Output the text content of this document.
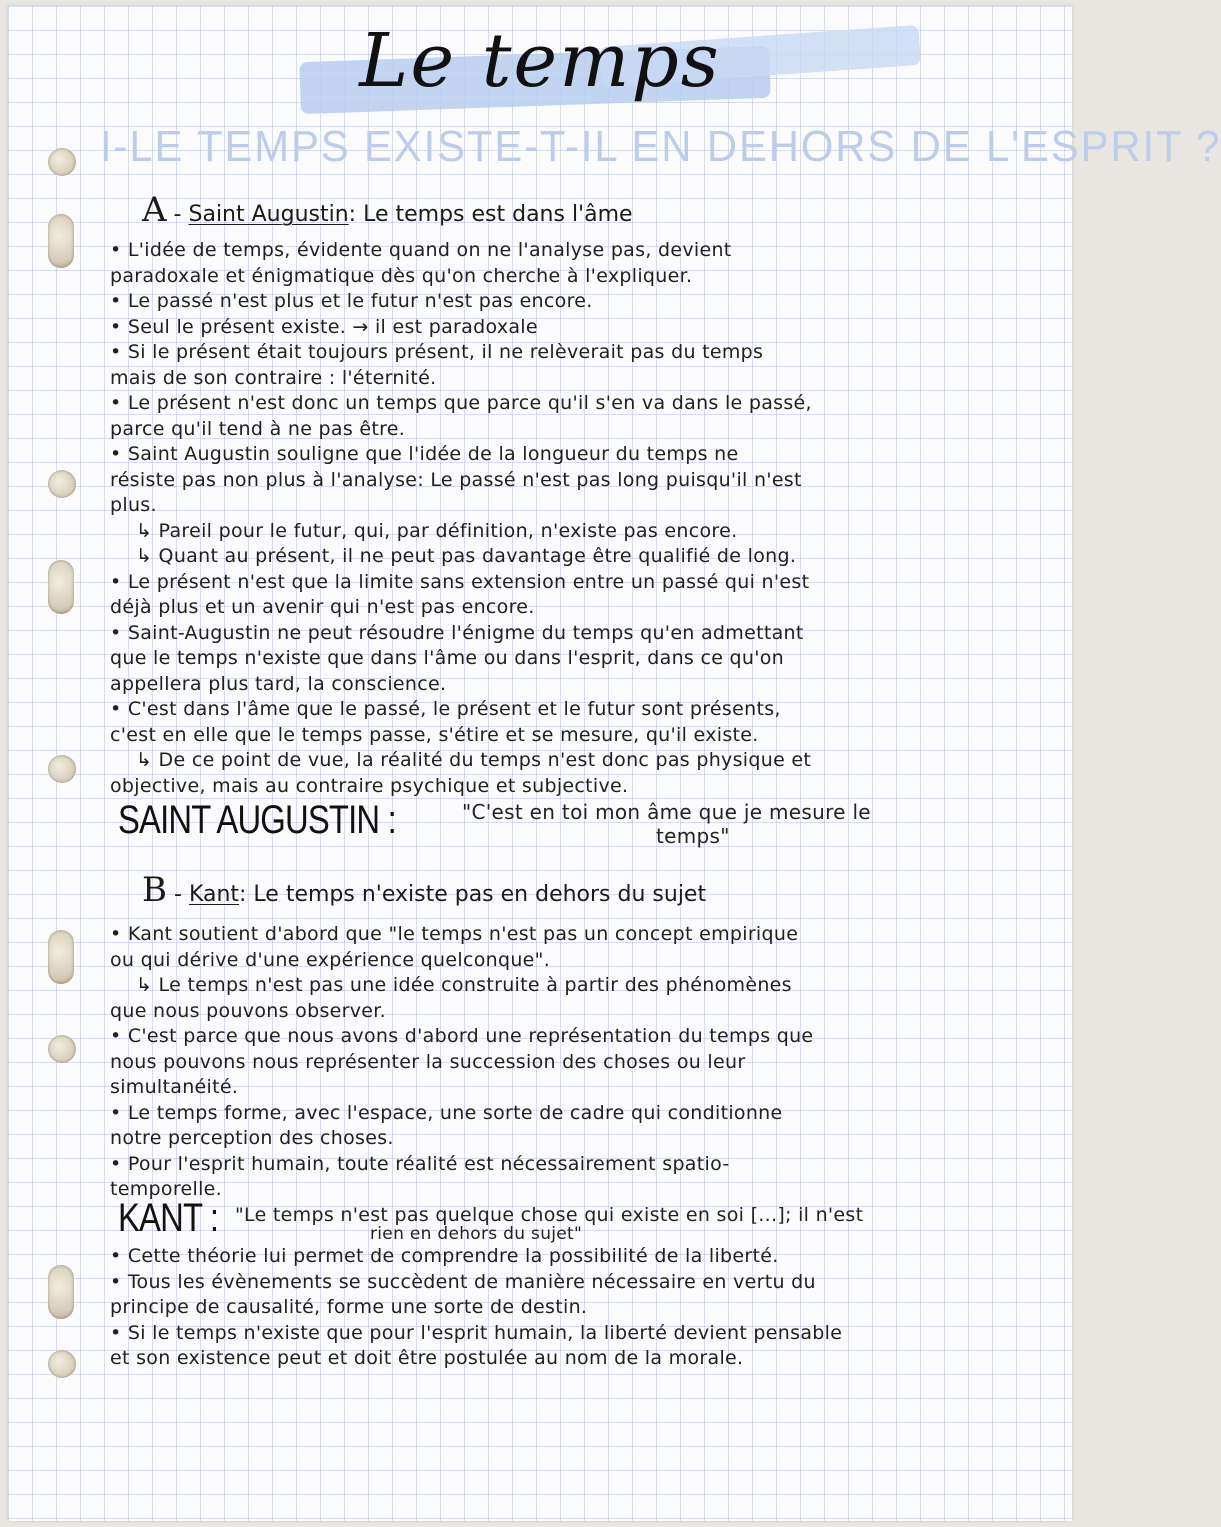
Le temps
I-LE TEMPS EXISTE-T-IL EN DEHORS DE L'ESPRIT ?
A - Saint Augustin: Le temps est dans l'âme
• L'idée de temps, évidente quand on ne l'analyse pas, devient
paradoxale et énigmatique dès qu'on cherche à l'expliquer.
• Le passé n'est plus et le futur n'est pas encore.
• Seul le présent existe. → il est paradoxale
• Si le présent était toujours présent, il ne relèverait pas du temps
mais de son contraire : l'éternité.
• Le présent n'est donc un temps que parce qu'il s'en va dans le passé,
parce qu'il tend à ne pas être.
• Saint Augustin souligne que l'idée de la longueur du temps ne
résiste pas non plus à l'analyse: Le passé n'est pas long puisqu'il n'est
plus.
↳ Pareil pour le futur, qui, par définition, n'existe pas encore.
↳ Quant au présent, il ne peut pas davantage être qualifié de long.
• Le présent n'est que la limite sans extension entre un passé qui n'est
déjà plus et un avenir qui n'est pas encore.
• Saint-Augustin ne peut résoudre l'énigme du temps qu'en admettant
que le temps n'existe que dans l'âme ou dans l'esprit, dans ce qu'on
appellera plus tard, la conscience.
• C'est dans l'âme que le passé, le présent et le futur sont présents,
c'est en elle que le temps passe, s'étire et se mesure, qu'il existe.
↳ De ce point de vue, la réalité du temps n'est donc pas physique et
objective, mais au contraire psychique et subjective.
SAINT AUGUSTIN :	"C'est en toi mon âme que je mesure le
temps"
B - Kant: Le temps n'existe pas en dehors du sujet
• Kant soutient d'abord que "le temps n'est pas un concept empirique
ou qui dérive d'une expérience quelconque".
↳ Le temps n'est pas une idée construite à partir des phénomènes
que nous pouvons observer.
• C'est parce que nous avons d'abord une représentation du temps que
nous pouvons nous représenter la succession des choses ou leur
simultanéité.
• Le temps forme, avec l'espace, une sorte de cadre qui conditionne
notre perception des choses.
• Pour l'esprit humain, toute réalité est nécessairement spatio-
temporelle.
KANT : "Le temps n'est pas quelque chose qui existe en soi [...]; il n'est
rien en dehors du sujet"
• Cette théorie lui permet de comprendre la possibilité de la liberté.
• Tous les évènements se succèdent de manière nécessaire en vertu du
principe de causalité, forme une sorte de destin.
• Si le temps n'existe que pour l'esprit humain, la liberté devient pensable
et son existence peut et doit être postulée au nom de la morale.
